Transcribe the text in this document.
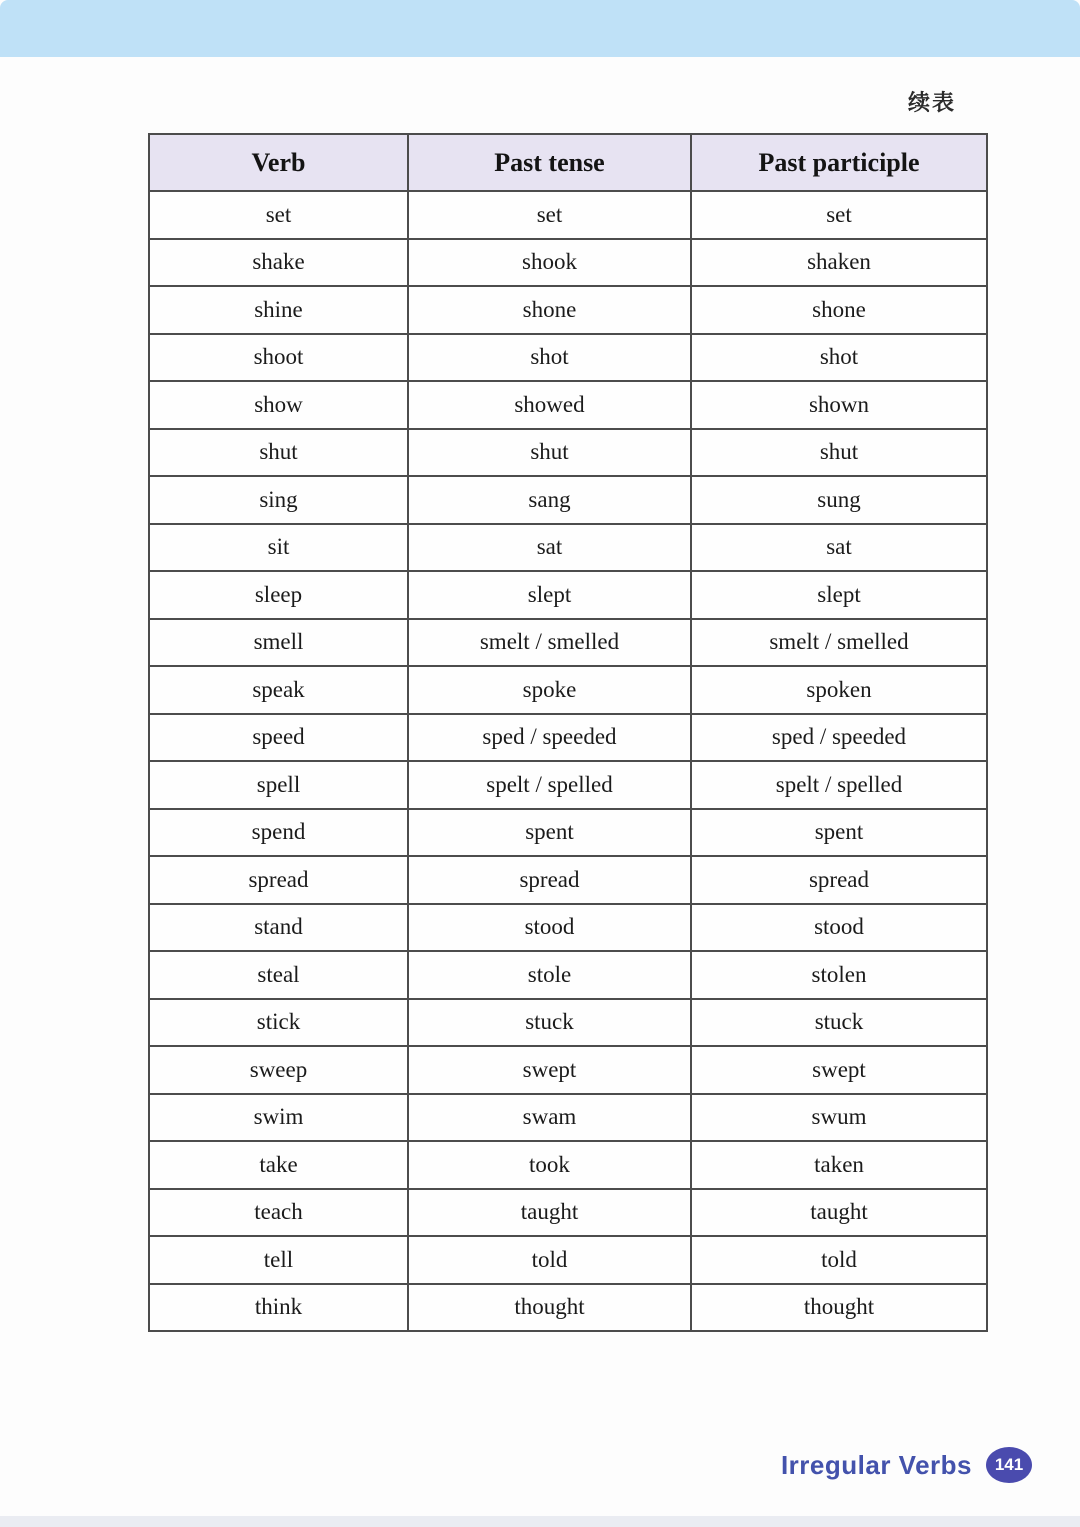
续表
Verb	Past tense	Past participle
set	set	set
shake	shook	shaken
shine	shone	shone
shoot	shot	shot
show	showed	shown
shut	shut	shut
sing	sang	sung
sit	sat	sat
sleep	slept	slept
smell	smelt / smelled	smelt / smelled
speak	spoke	spoken
speed	sped / speeded	sped / speeded
spell	spelt / spelled	spelt / spelled
spend	spent	spent
spread	spread	spread
stand	stood	stood
steal	stole	stolen
stick	stuck	stuck
sweep	swept	swept
swim	swam	swum
take	took	taken
teach	taught	taught
tell	told	told
think	thought	thought
Irregular Verbs	141
